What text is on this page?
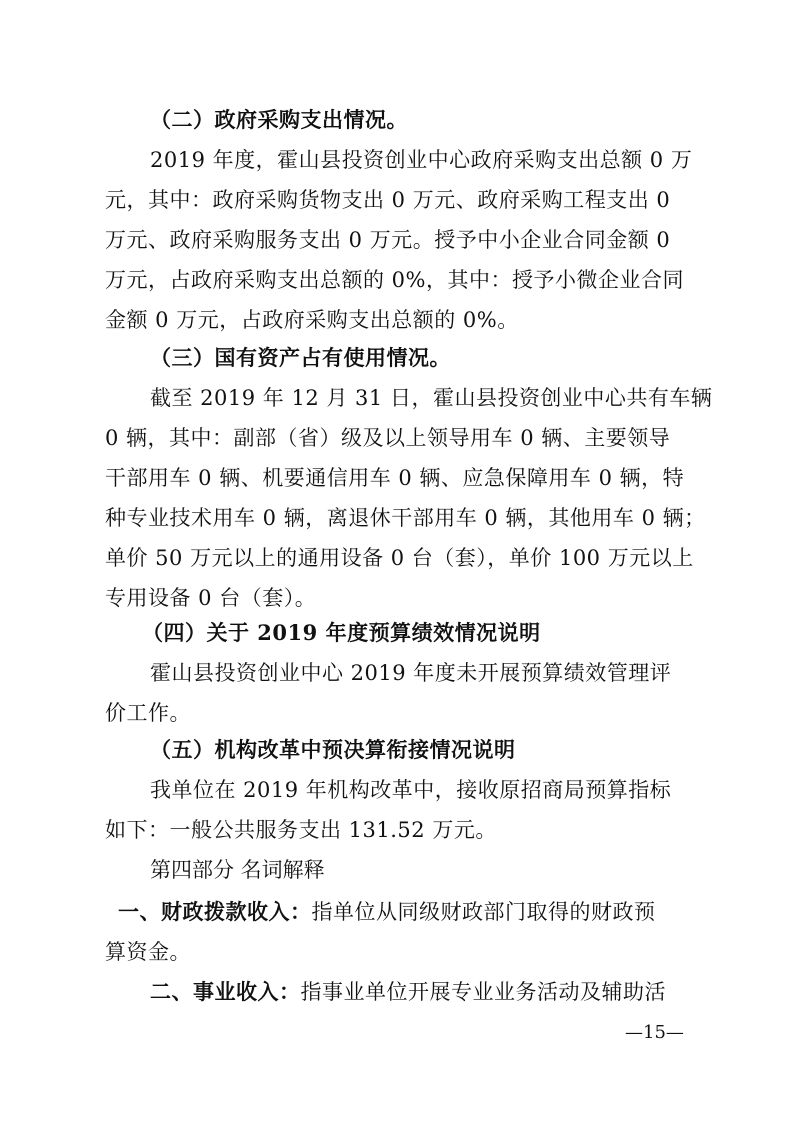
（二）政府采购支出情况。
2019 年度，霍山县投资创业中心政府采购支出总额 0 万
元，其中：政府采购货物支出 0 万元、政府采购工程支出 0
万元、政府采购服务支出 0 万元。授予中小企业合同金额 0
万元，占政府采购支出总额的 0%，其中：授予小微企业合同
金额 0 万元，占政府采购支出总额的 0%。
（三）国有资产占有使用情况。
截至 2019 年 12 月 31 日，霍山县投资创业中心共有车辆
0 辆，其中：副部（省）级及以上领导用车 0 辆、主要领导
干部用车 0 辆、机要通信用车 0 辆、应急保障用车 0 辆，特
种专业技术用车 0 辆，离退休干部用车 0 辆，其他用车 0 辆；
单价 50 万元以上的通用设备 0 台（套），单价 100 万元以上
专用设备 0 台（套）。
（四）关于 2019 年度预算绩效情况说明
霍山县投资创业中心 2019 年度未开展预算绩效管理评
价工作。
（五）机构改革中预决算衔接情况说明
我单位在 2019 年机构改革中，接收原招商局预算指标
如下：一般公共服务支出 131.52 万元。
第四部分 名词解释
一、财政拨款收入：指单位从同级财政部门取得的财政预
算资金。
二、事业收入：指事业单位开展专业业务活动及辅助活
—15—
